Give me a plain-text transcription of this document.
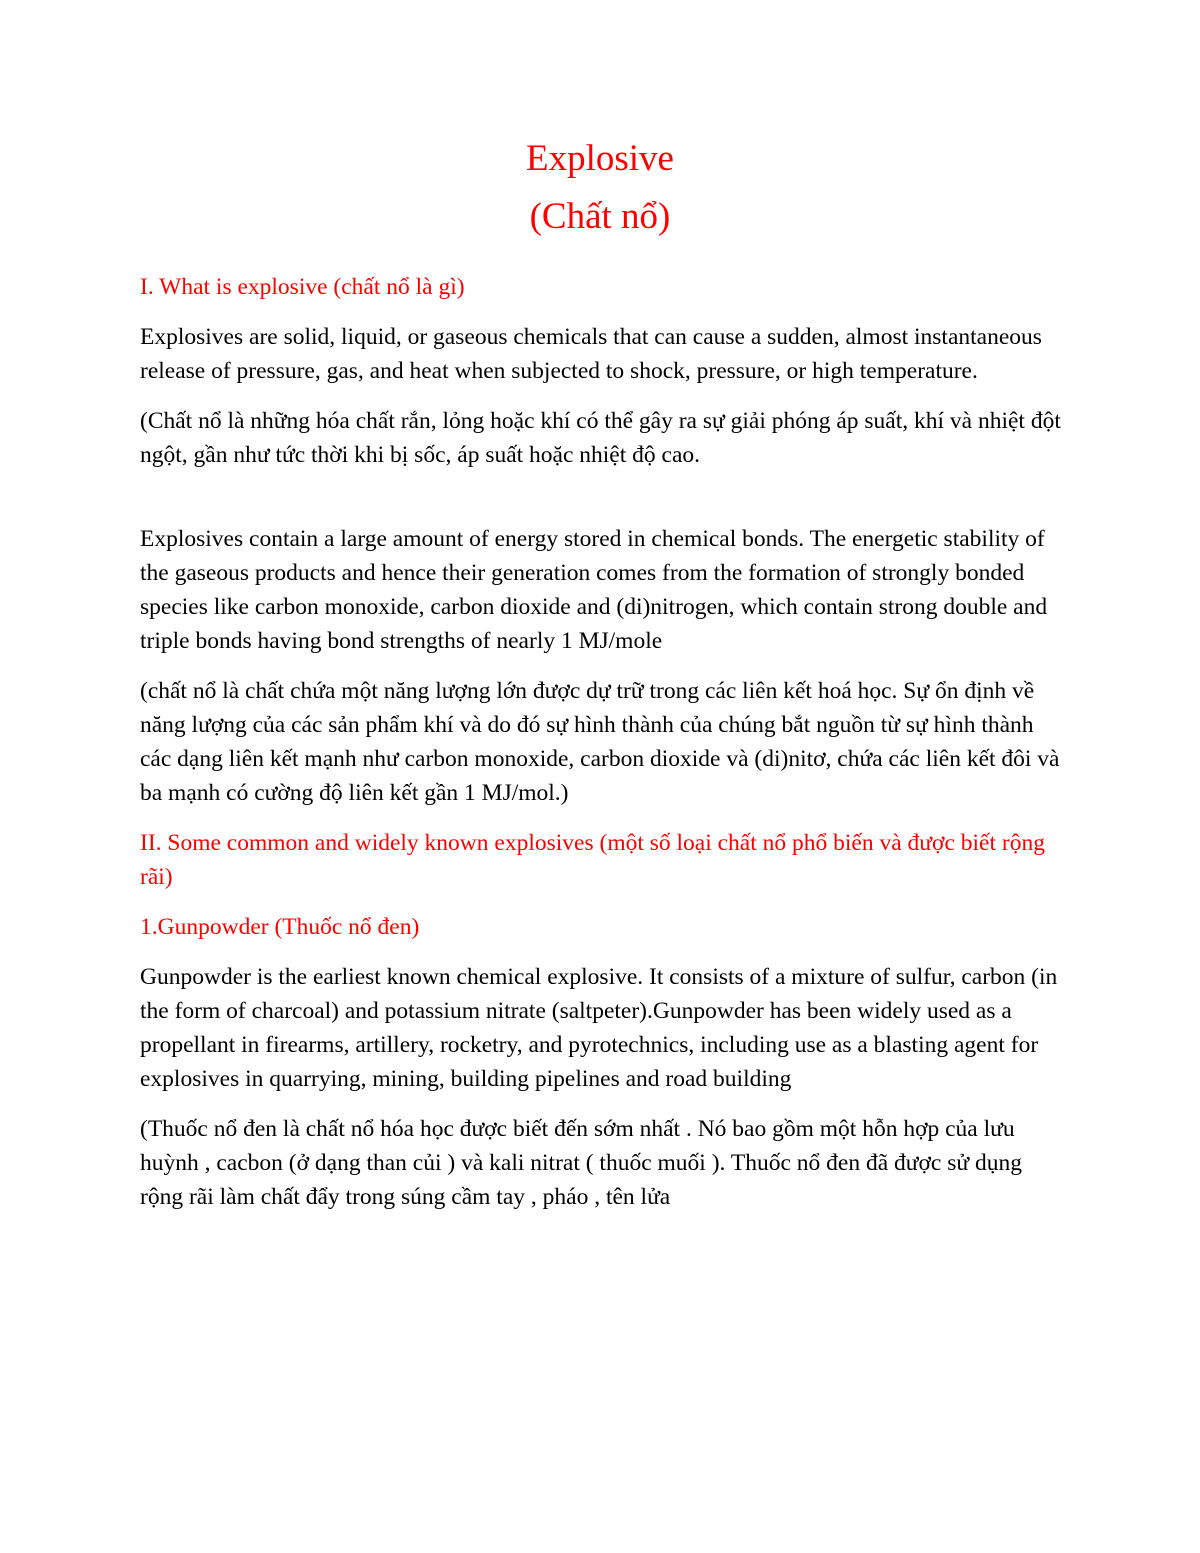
Explosive
(Chất nổ)

I. What is explosive (chất nổ là gì)

Explosives are solid, liquid, or gaseous chemicals that can cause a sudden, almost instantaneous release of pressure, gas, and heat when subjected to shock, pressure, or high temperature.

(Chất nổ là những hóa chất rắn, lỏng hoặc khí có thể gây ra sự giải phóng áp suất, khí và nhiệt đột ngột, gần như tức thời khi bị sốc, áp suất hoặc nhiệt độ cao.

Explosives contain a large amount of energy stored in chemical bonds. The energetic stability of the gaseous products and hence their generation comes from the formation of strongly bonded species like carbon monoxide, carbon dioxide and (di)nitrogen, which contain strong double and triple bonds having bond strengths of nearly 1 MJ/mole

(chất nổ là chất chứa một năng lượng lớn được dự trữ trong các liên kết hoá học. Sự ổn định về năng lượng của các sản phẩm khí và do đó sự hình thành của chúng bắt nguồn từ sự hình thành các dạng liên kết mạnh như carbon monoxide, carbon dioxide và (di)nitơ, chứa các liên kết đôi và ba mạnh có cường độ liên kết gần 1 MJ/mol.)

II. Some common and widely known explosives (một số loại chất nổ phổ biến và được biết rộng rãi)

1.Gunpowder (Thuốc nổ đen)

Gunpowder is the earliest known chemical explosive. It consists of a mixture of sulfur, carbon (in the form of charcoal) and potassium nitrate (saltpeter).Gunpowder has been widely used as a propellant in firearms, artillery, rocketry, and pyrotechnics, including use as a blasting agent for explosives in quarrying, mining, building pipelines and road building

(Thuốc nổ đen là chất nổ hóa học được biết đến sớm nhất . Nó bao gồm một hỗn hợp của lưu huỳnh , cacbon (ở dạng than củi ) và kali nitrat ( thuốc muối ). Thuốc nổ đen đã được sử dụng rộng rãi làm chất đẩy trong súng cầm tay , pháo , tên lửa
